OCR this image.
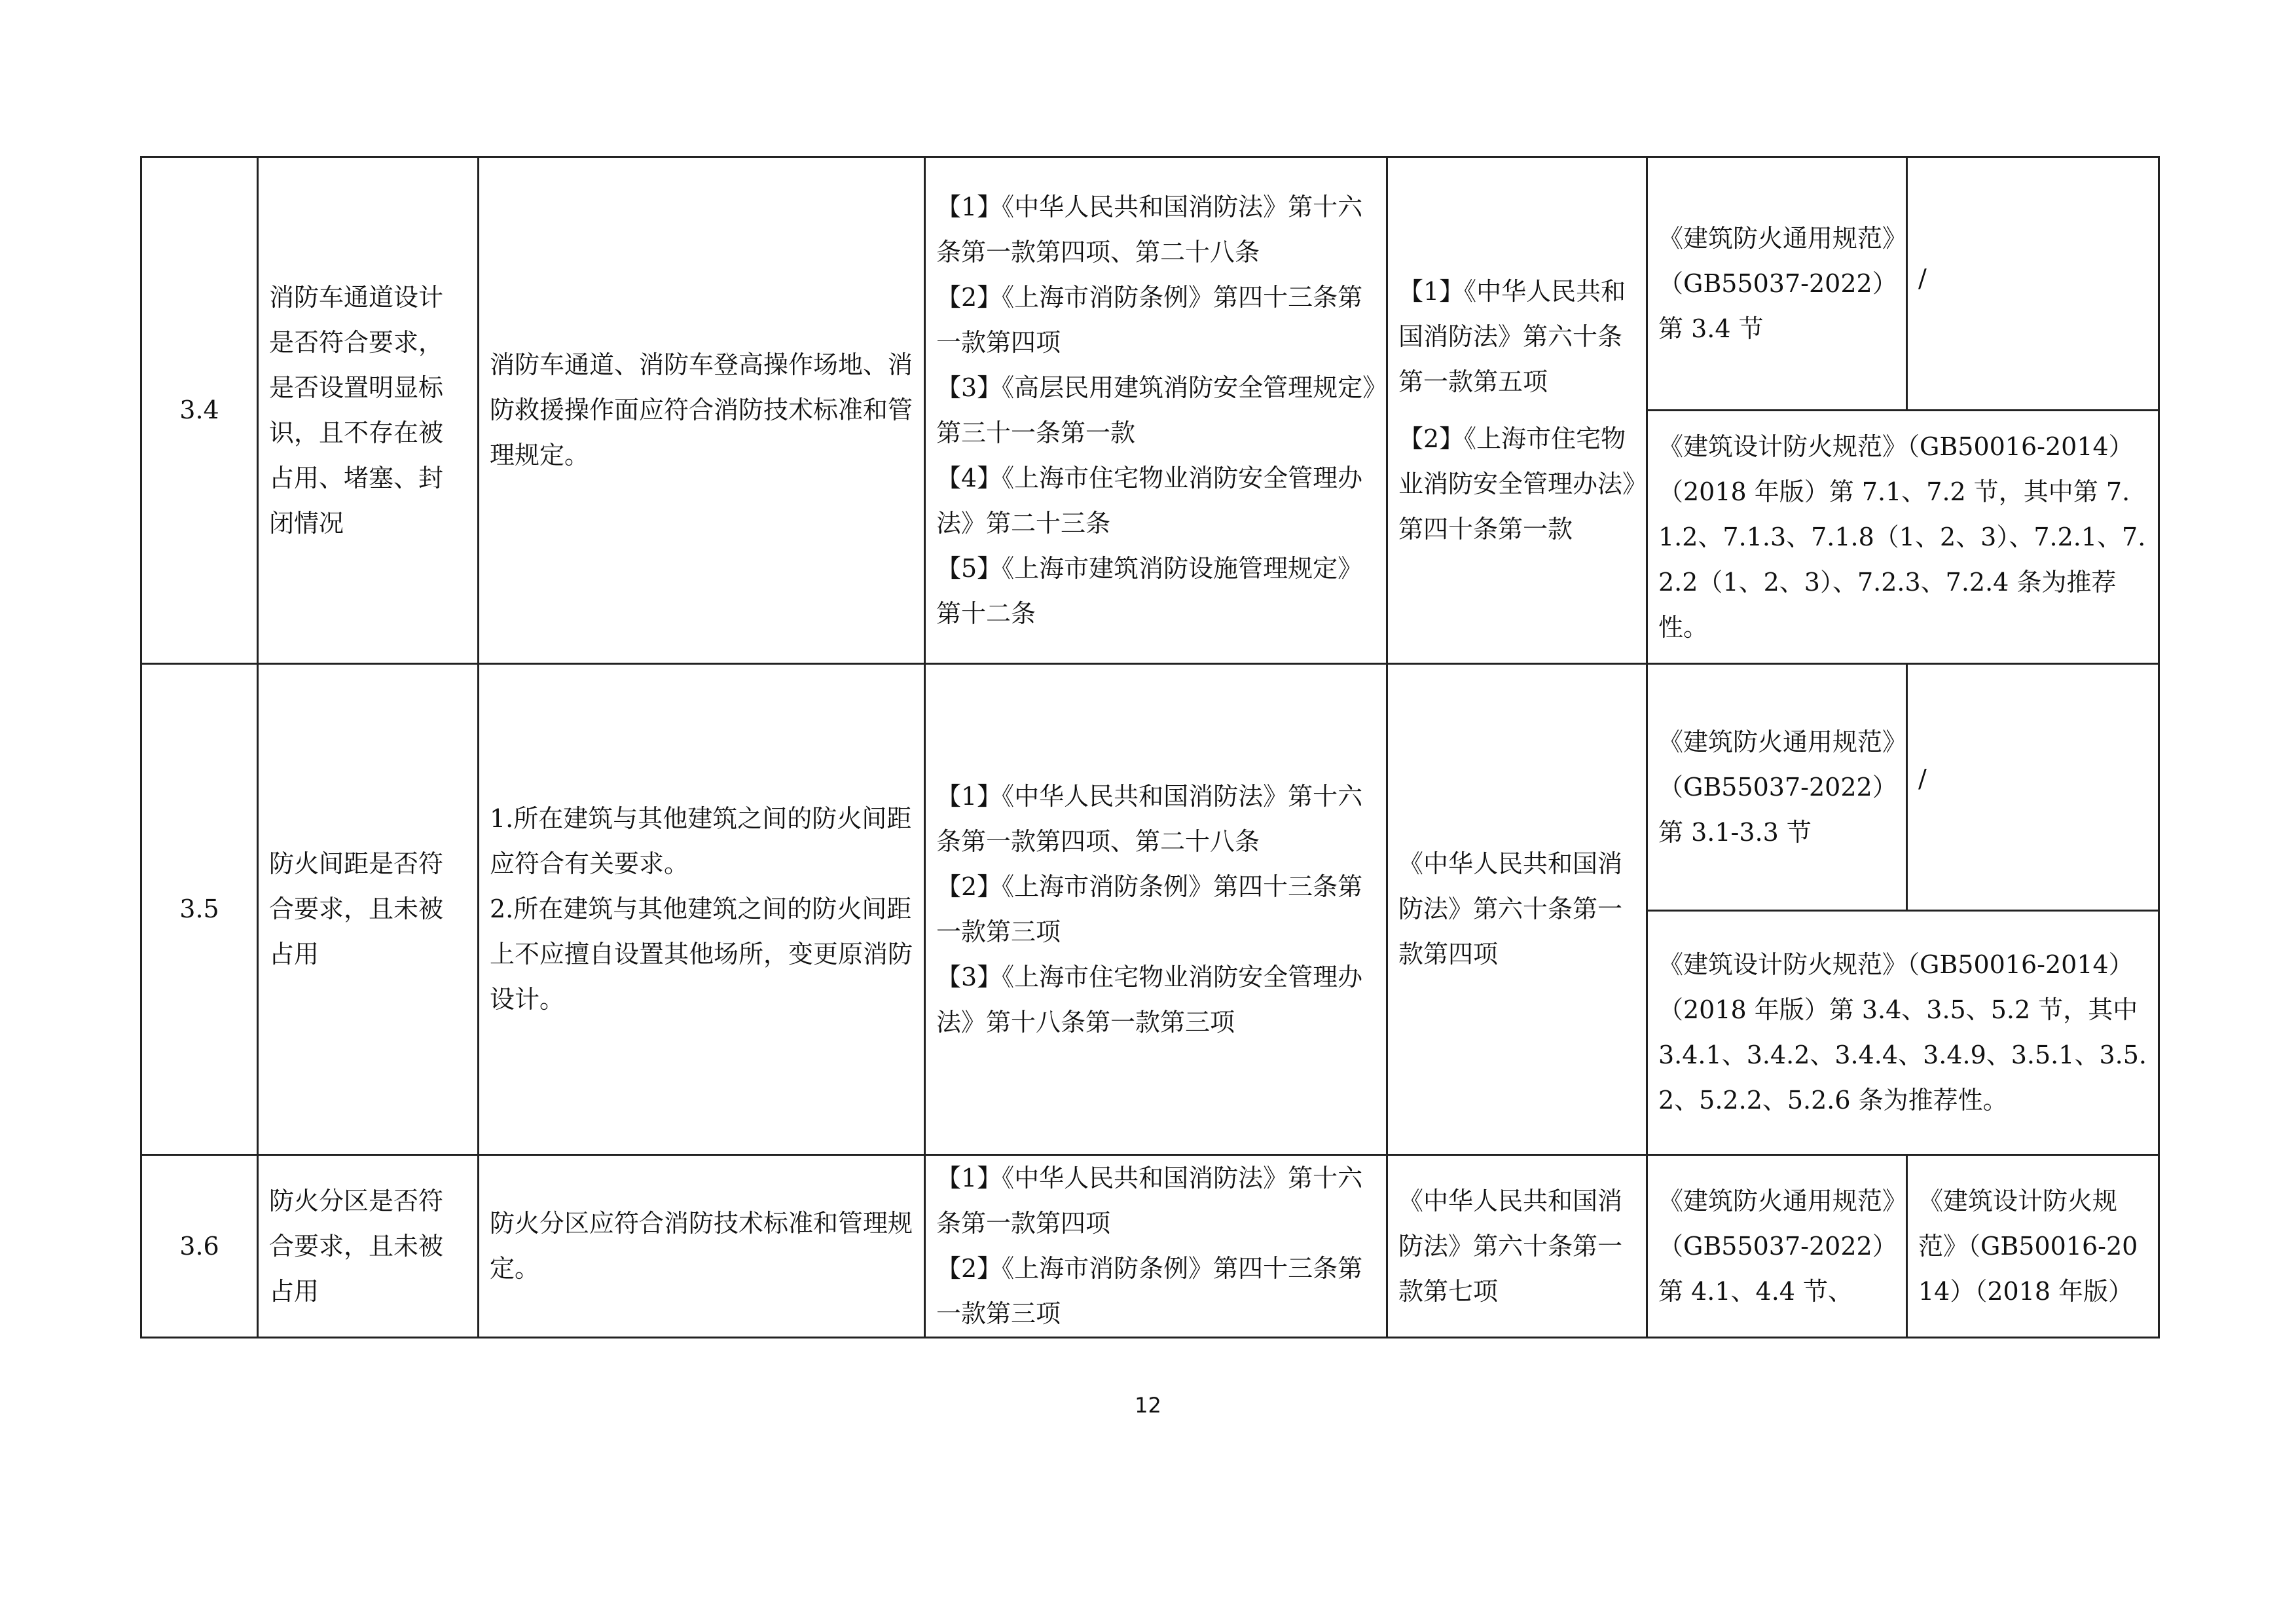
3.4	消防车通道设计是否符合要求，是否设置明显标识，且不存在被占用、堵塞、封闭情况	消防车通道、消防车登高操作场地、消防救援操作面应符合消防技术标准和管理规定。	【1】《中华人民共和国消防法》第十六条第一款第四项、第二十八条
【2】《上海市消防条例》第四十三条第一款第四项
【3】《高层民用建筑消防安全管理规定》第三十一条第一款
【4】《上海市住宅物业消防安全管理办法》第二十三条
【5】《上海市建筑消防设施管理规定》第十二条	【1】《中华人民共和国消防法》第六十条第一款第五项
【2】《上海市住宅物业消防安全管理办法》第四十条第一款	《建筑防火通用规范》（GB55037-2022）第 3.4 节	/
					《建筑设计防火规范》（GB50016-2014）（2018 年版）第 7.1、7.2 节，其中第 7.1.2、7.1.3、7.1.8（1、2、3）、7.2.1、7.2.2（1、2、3）、7.2.3、7.2.4 条为推荐性。	
3.5	防火间距是否符合要求，且未被占用	1.所在建筑与其他建筑之间的防火间距应符合有关要求。
2.所在建筑与其他建筑之间的防火间距上不应擅自设置其他场所，变更原消防设计。	【1】《中华人民共和国消防法》第十六条第一款第四项、第二十八条
【2】《上海市消防条例》第四十三条第一款第三项
【3】《上海市住宅物业消防安全管理办法》第十八条第一款第三项	《中华人民共和国消防法》第六十条第一款第四项	《建筑防火通用规范》（GB55037-2022）第 3.1-3.3 节	/
					《建筑设计防火规范》（GB50016-2014）（2018 年版）第 3.4、3.5、5.2 节，其中 3.4.1、3.4.2、3.4.4、3.4.9、3.5.1、3.5.2、5.2.2、5.2.6 条为推荐性。	
3.6	防火分区是否符合要求，且未被占用	防火分区应符合消防技术标准和管理规定。	【1】《中华人民共和国消防法》第十六条第一款第四项
【2】《上海市消防条例》第四十三条第一款第三项	《中华人民共和国消防法》第六十条第一款第七项	《建筑防火通用规范》（GB55037-2022）第 4.1、4.4 节、	《建筑设计防火规范》（GB50016-2014）（2018 年版）
12
